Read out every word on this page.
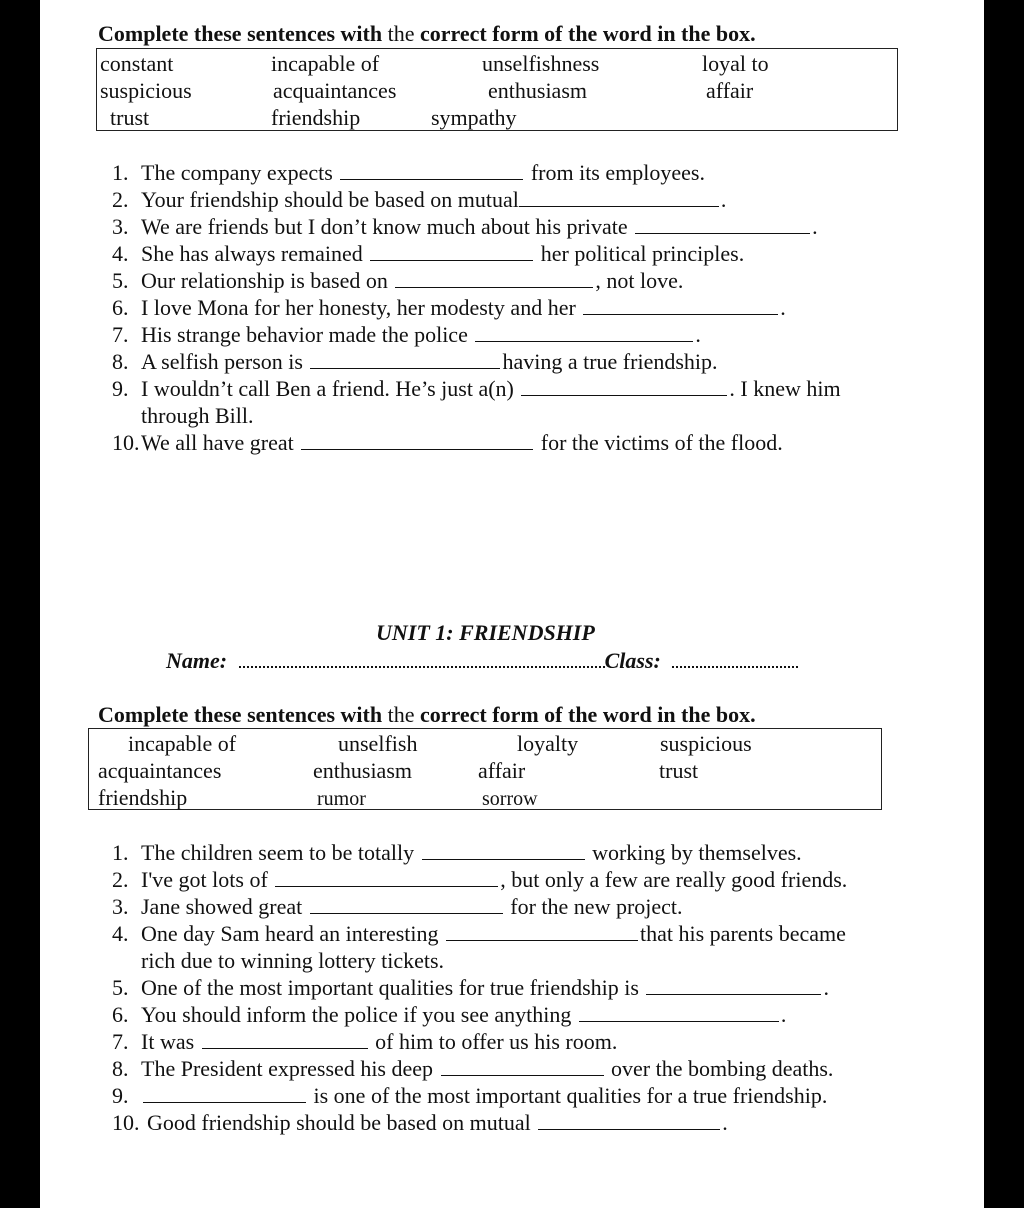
Complete these sentences with the correct form of the word in the box.
constant	incapable of	unselfishness	loyal to
suspicious	acquaintances	enthusiasm	affair
trust	friendship	sympathy
1. The company expects	from its employees.
2. Your friendship should be based on mutual	.
3. We are friends but I don’t know much about his private	.
4. She has always remained	her political principles.
5. Our relationship is based on	, not love.
6. I love Mona for her honesty, her modesty and her	.
7. His strange behavior made the police	.
8. A selfish person is	having a true friendship.
9. I wouldn’t call Ben a friend. He’s just a(n)	. I knew him
through Bill.
10. We all have great	for the victims of the flood.
UNIT 1: FRIENDSHIP
Name:	Class:
Complete these sentences with the correct form of the word in the box.
incapable of	unselfish	loyalty	suspicious
acquaintances	enthusiasm	affair	trust
friendship	rumor	sorrow
1. The children seem to be totally	working by themselves.
2. I've got lots of	, but only a few are really good friends.
3. Jane showed great	for the new project.
4. One day Sam heard an interesting	that his parents became
rich due to winning lottery tickets.
5. One of the most important qualities for true friendship is	.
6. You should inform the police if you see anything	.
7. It was	of him to offer us his room.
8. The President expressed his deep	over the bombing deaths.
9.	is one of the most important qualities for a true friendship.
10. Good friendship should be based on mutual	.
